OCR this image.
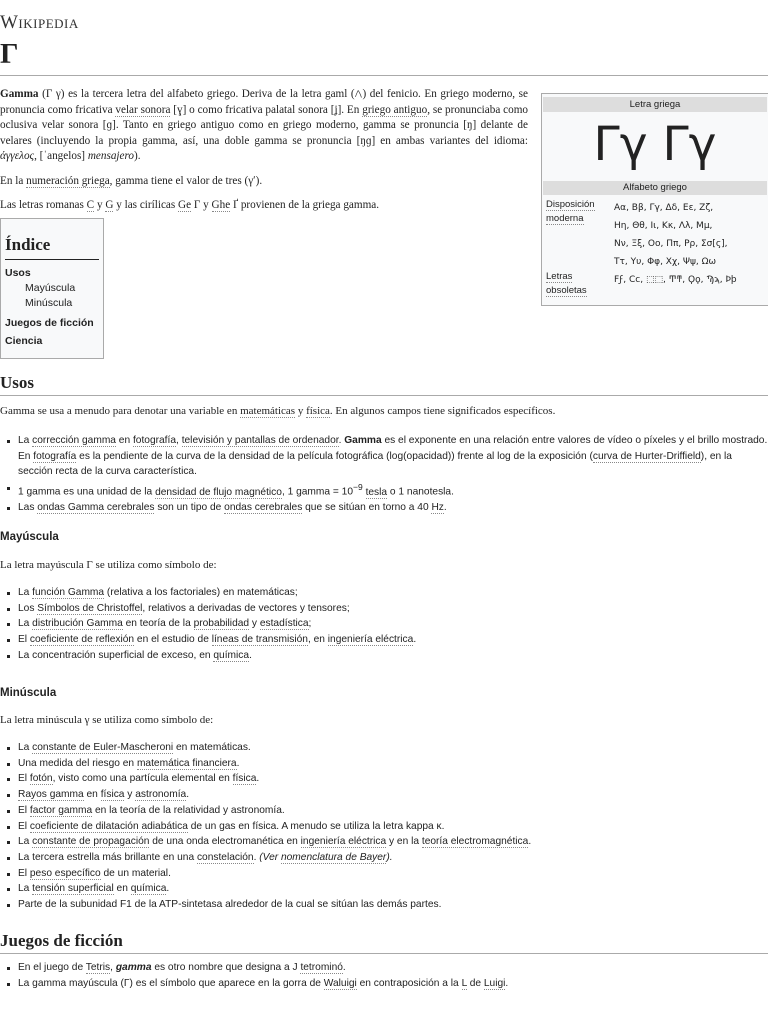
Wikipedia
Γ

Gamma (Γ γ) es la tercera letra del alfabeto griego. Deriva de la letra gaml (𐤂) del fenicio. En griego moderno, se pronuncia como fricativa velar sonora [ɣ] o como fricativa palatal sonora [ʝ]. En griego antiguo, se pronunciaba como oclusiva velar sonora [ɡ]. Tanto en griego antiguo como en griego moderno, gamma se pronuncia [ŋ] delante de velares (incluyendo la propia gamma, así, una doble gamma se pronuncia [ŋɡ] en ambas variantes del idioma: άγγελος, [ˈangelos] mensajero).

En la numeración griega, gamma tiene el valor de tres (γʹ).

Las letras romanas C y G y las cirílicas Ge Г y Ghe Ґ provienen de la griega gamma.

Letra griega
Γγ Γγ
Alfabeto griego
Disposición moderna
Αα, Ββ, Γγ, Δδ, Εε, Ζζ,
Ηη, Θθ, Ιι, Κκ, Λλ, Μμ,
Νν, Ξξ, Οο, Ππ, Ρρ, Σσ[ς],
Ττ, Υυ, Φφ, Χχ, Ψψ, Ωω
Letras obsoletas
Ϝϝ, Ϲϲ, ⬚⬚, Ͳͳ, Ϙϙ, Ϡϡ, Ϸϸ
Índice
Usos
Mayúscula
Minúscula
Juegos de ficción
Ciencia
Usos
Gamma se usa a menudo para denotar una variable en matemáticas y física. En algunos campos tiene significados específicos.
La corrección gamma en fotografía, televisión y pantallas de ordenador. Gamma es el exponente en una relación entre valores de vídeo o píxeles y el brillo mostrado. En fotografía es la pendiente de la curva de la densidad de la película fotográfica (log(opacidad)) frente al log de la exposición (curva de Hurter-Driffield), en la sección recta de la curva característica.
1 gamma es una unidad de la densidad de flujo magnético, 1 gamma = $10^{-9}$ tesla o 1 nanotesla.
Las ondas Gamma cerebrales son un tipo de ondas cerebrales que se sitúan en torno a 40 Hz.
Mayúscula
La letra mayúscula Γ se utiliza como símbolo de:
La función Gamma (relativa a los factoriales) en matemáticas;
Los Símbolos de Christoffel, relativos a derivadas de vectores y tensores;
La distribución Gamma en teoría de la probabilidad y estadística;
El coeficiente de reflexión en el estudio de líneas de transmisión, en ingeniería eléctrica.
La concentración superficial de exceso, en química.
Minúscula
La letra minúscula γ se utiliza como símbolo de:
La constante de Euler-Mascheroni en matemáticas.
Una medida del riesgo en matemática financiera.
El fotón, visto como una partícula elemental en física.
Rayos gamma en física y astronomía.
El factor gamma en la teoría de la relatividad y astronomía.
El coeficiente de dilatación adiabática de un gas en física. A menudo se utiliza la letra kappa κ.
La constante de propagación de una onda electromanética en ingeniería eléctrica y en la teoría electromagnética.
La tercera estrella más brillante en una constelación. (Ver nomenclatura de Bayer).
El peso específico de un material.
La tensión superficial en química.
Parte de la subunidad F1 de la ATP-sintetasa alrededor de la cual se sitúan las demás partes.
Juegos de ficción
En el juego de Tetris, gamma es otro nombre que designa a J tetrominó.
La gamma mayúscula (Γ) es el símbolo que aparece en la gorra de Waluigi en contraposición a la L de Luigi.
